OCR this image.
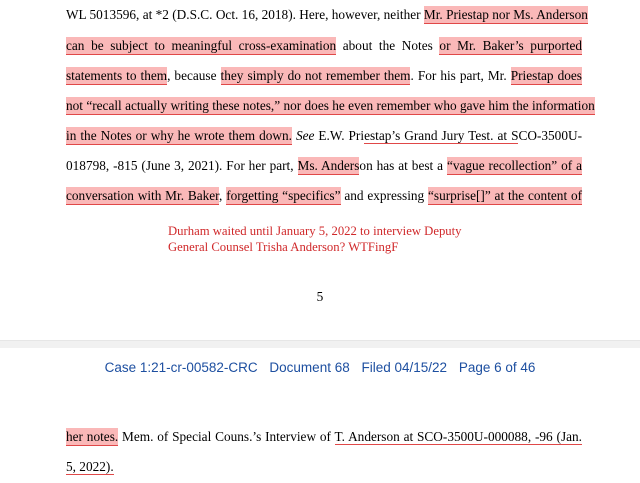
WL 5013596, at *2 (D.S.C. Oct. 16, 2018). Here, however, neither Mr. Priestap nor Ms. Anderson
can be subject to meaningful cross-examination about the Notes or Mr. Baker’s purported
statements to them, because they simply do not remember them. For his part, Mr. Priestap does
not “recall actually writing these notes,” nor does he even remember who gave him the information
in the Notes or why he wrote them down. See E.W. Priestap’s Grand Jury Test. at SCO-3500U-
018798, -815 (June 3, 2021). For her part, Ms. Anderson has at best a “vague recollection” of a
conversation with Mr. Baker, forgetting “specifics” and expressing “surprise[]” at the content of
Durham waited until January 5, 2022 to interview Deputy
General Counsel Trisha Anderson? WTFingF
5
Case 1:21-cr-00582-CRC Document 68 Filed 04/15/22 Page 6 of 46
her notes. Mem. of Special Couns.’s Interview of T. Anderson at SCO-3500U-000088, -96 (Jan.
5, 2022).
